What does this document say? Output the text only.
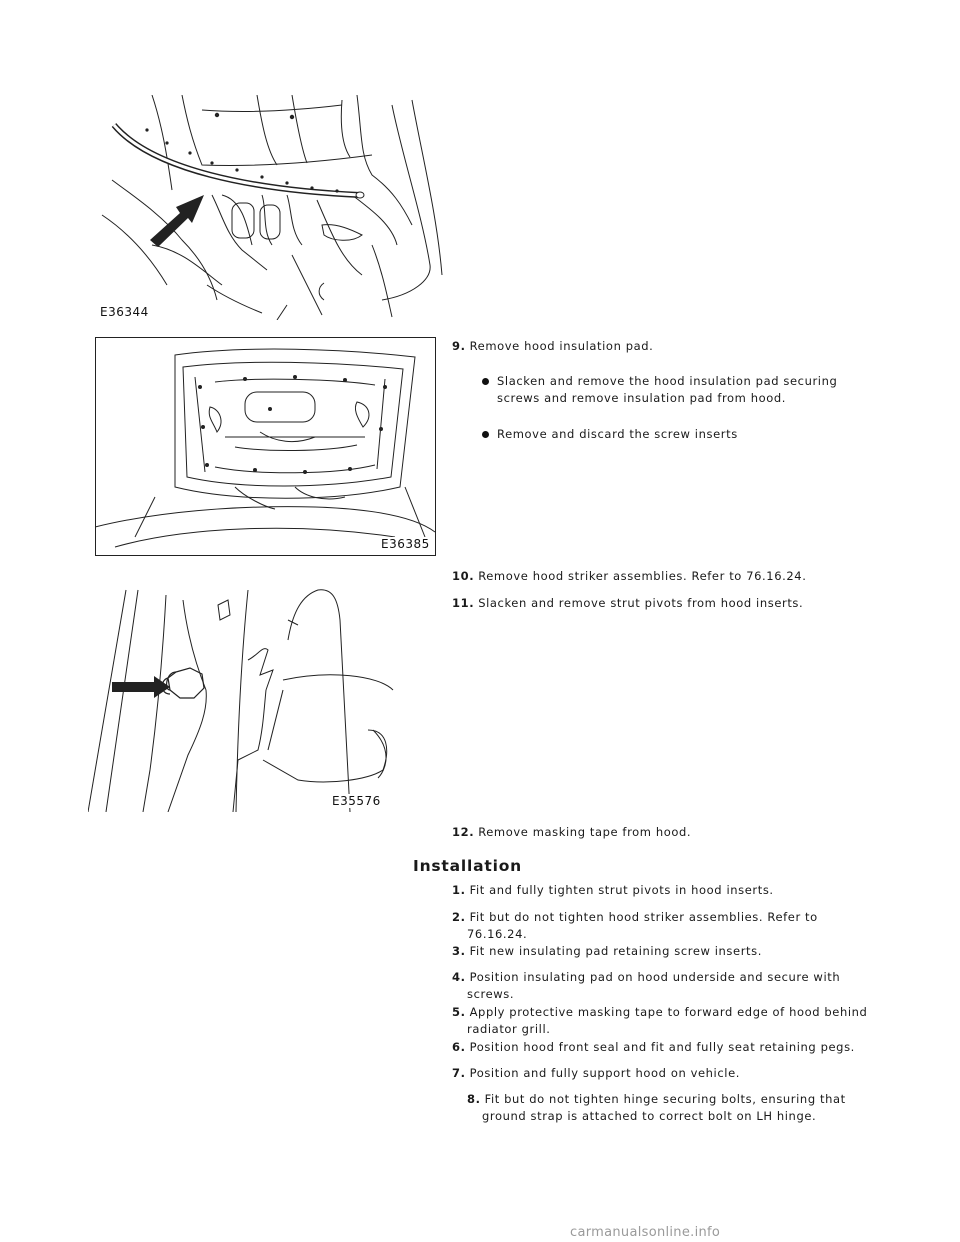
E36344
E36385
E35576
9. Remove hood insulation pad.
Slacken and remove the hood insulation pad securing
screws and remove insulation pad from hood.
Remove and discard the screw inserts
10. Remove hood striker assemblies. Refer to 76.16.24.
11. Slacken and remove strut pivots from hood inserts.
12. Remove masking tape from hood.
Installation
1. Fit and fully tighten strut pivots in hood inserts.
2. Fit but do not tighten hood striker assemblies. Refer to
76.16.24.
3. Fit new insulating pad retaining screw inserts.
4. Position insulating pad on hood underside and secure with
screws.
5. Apply protective masking tape to forward edge of hood behind
radiator grill.
6. Position hood front seal and fit and fully seat retaining pegs.
7. Position and fully support hood on vehicle.
8. Fit but do not tighten hinge securing bolts, ensuring that
ground strap is attached to correct bolt on LH hinge.
carmanualsonline.info
